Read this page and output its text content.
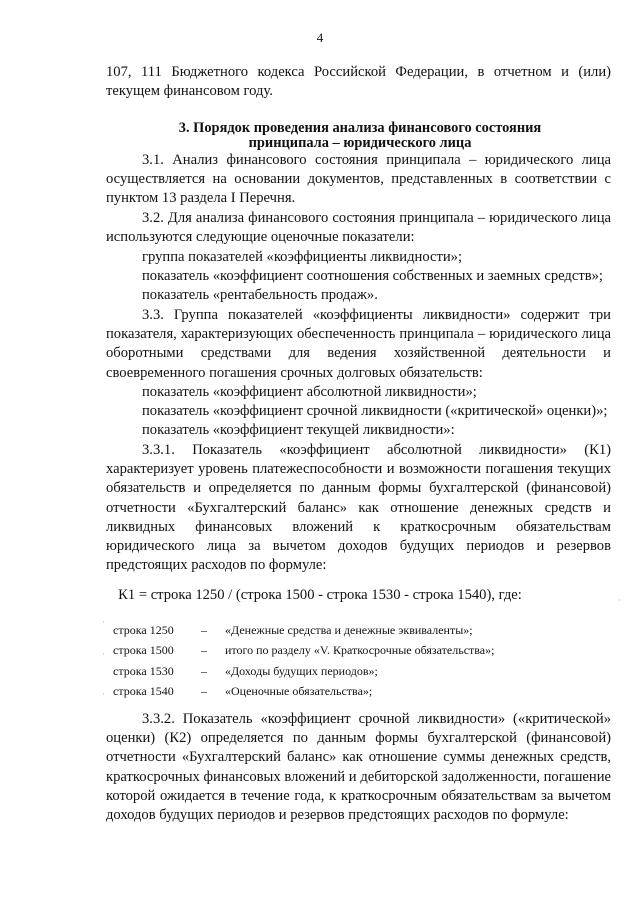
4

107, 111 Бюджетного кодекса Российской Федерации, в отчетном и (или)

текущем финансовом году.

3. Порядок проведения анализа финансового состояния принципала – юридического лица
3.1. Анализ финансового состояния принципала – юридического лица осуществляется на основании документов, представленных в соответствии с пунктом 13 раздела I Перечня.
3.2. Для анализа финансового состояния принципала – юридического лица используются следующие оценочные показатели:

группа показателей «коэффициенты ликвидности»;

показатель «коэффициент соотношения собственных и заемных средств»;

показатель «рентабельность продаж».

3.3. Группа показателей «коэффициенты ликвидности» содержит три показателя, характеризующих обеспеченность принципала – юридического лица оборотными средствами для ведения хозяйственной деятельности и своевременного погашения срочных долговых обязательств:

показатель «коэффициент абсолютной ликвидности»;

показатель «коэффициент срочной ликвидности («критической» оценки)»;

показатель «коэффициент текущей ликвидности»:

3.3.1. Показатель «коэффициент абсолютной ликвидности» (К1) характеризует уровень платежеспособности и возможности погашения текущих обязательств и определяется по данным формы бухгалтерской (финансовой) отчетности «Бухгалтерский баланс» как отношение денежных средств и ликвидных финансовых вложений к краткосрочным обязательствам юридического лица за вычетом доходов будущих периодов и резервов предстоящих расходов по формуле:
К1 = строка 1250 / (строка 1500 - строка 1530 - строка 1540), где:
строка 1250	–	«Денежные средства и денежные эквиваленты»;
строка 1500	–	итого по разделу «V. Краткосрочные обязательства»;
строка 1530	–	«Доходы будущих периодов»;
строка 1540	–	«Оценочные обязательства»;
3.3.2. Показатель «коэффициент срочной ликвидности» («критической» оценки) (К2) определяется по данным формы бухгалтерской (финансовой) отчетности «Бухгалтерский баланс» как отношение суммы денежных средств, краткосрочных финансовых вложений и дебиторской задолженности, погашение которой ожидается в течение года, к краткосрочным обязательствам за вычетом доходов будущих периодов и резервов предстоящих расходов по формуле:
·
·
·
·
